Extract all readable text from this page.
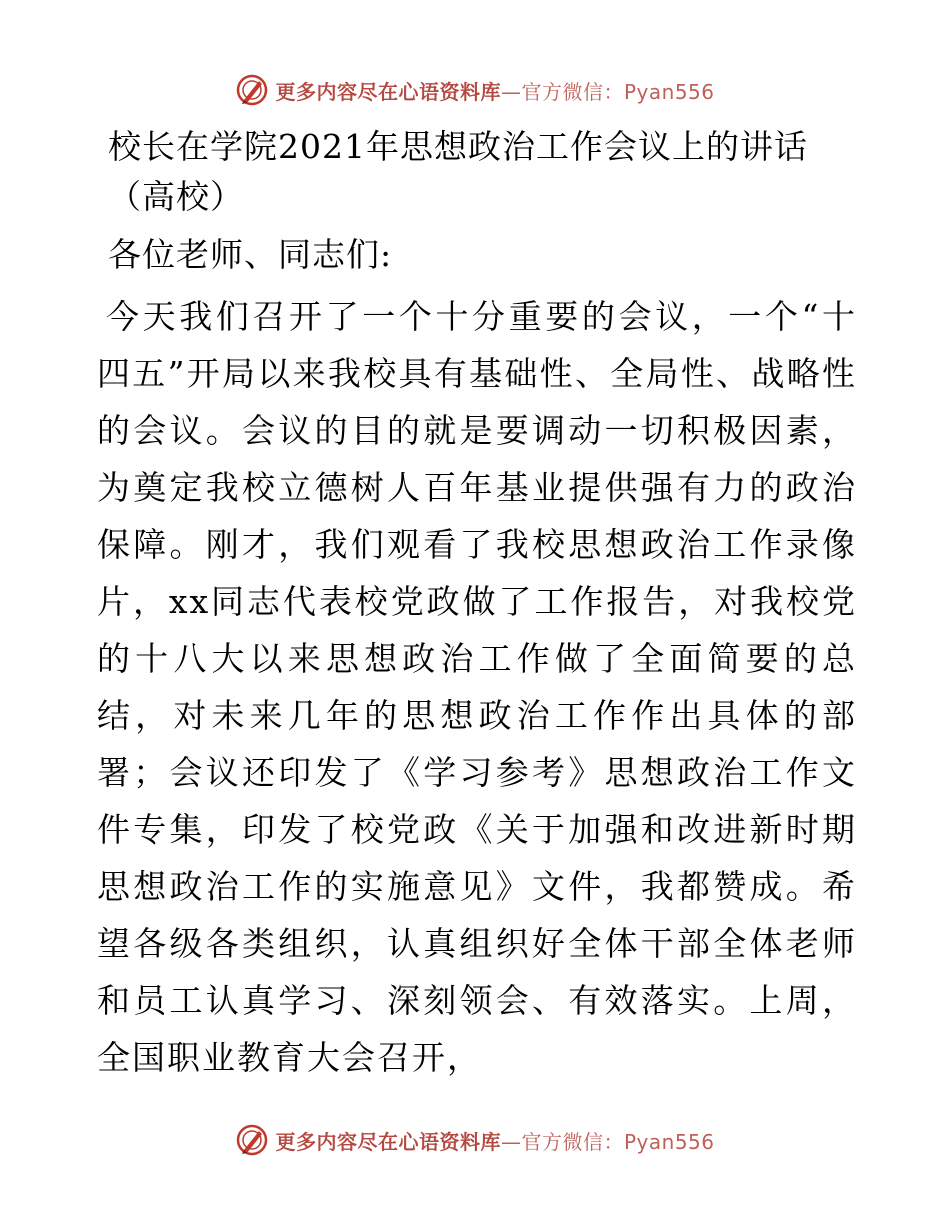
更多内容尽在心语资料库—官方微信：Pyan556
校长在学院2021年思想政治工作会议上的讲话（高校）

各位老师、同志们:

今天我们召开了一个十分重要的会议，一个“十四五”开局以来我校具有基础性、全局性、战略性的会议。会议的目的就是要调动一切积极因素，为奠定我校立德树人百年基业提供强有力的政治保障。刚才，我们观看了我校思想政治工作录像片，xx同志代表校党政做了工作报告，对我校党的十八大以来思想政治工作做了全面简要的总结，对未来几年的思想政治工作作出具体的部署；会议还印发了《学习参考》思想政治工作文件专集，印发了校党政《关于加强和改进新时期思想政治工作的实施意见》文件，我都赞成。希望各级各类组织，认真组织好全体干部全体老师和员工认真学习、深刻领会、有效落实。上周，全国职业教育大会召开，

更多内容尽在心语资料库—官方微信：Pyan556
